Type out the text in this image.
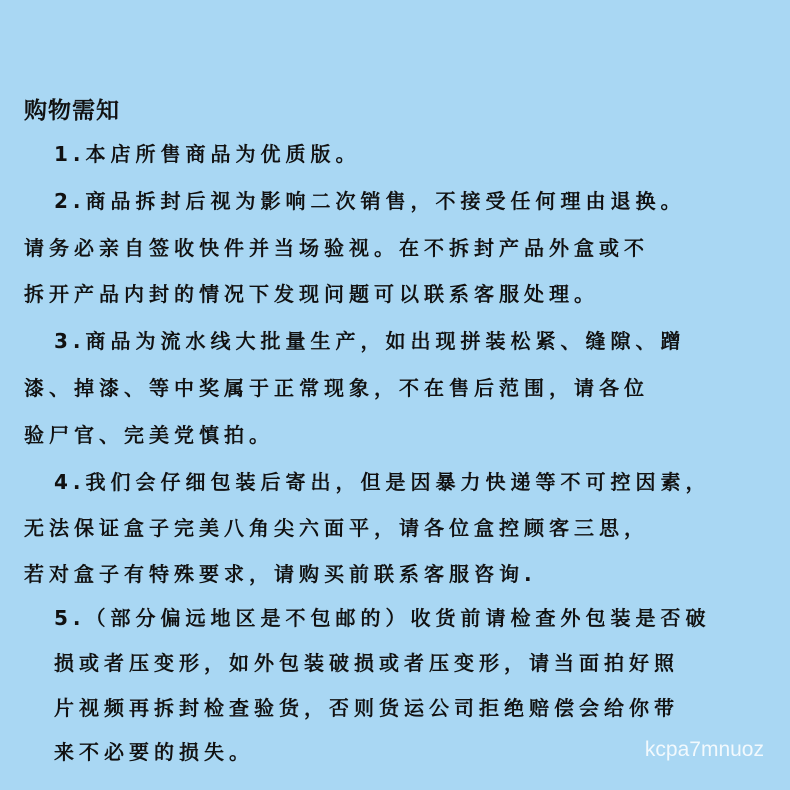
购物需知
1.本店所售商品为优质版。
2.商品拆封后视为影响二次销售，不接受任何理由退换。
请务必亲自签收快件并当场验视。在不拆封产品外盒或不
拆开产品内封的情况下发现问题可以联系客服处理。
3.商品为流水线大批量生产，如出现拼装松紧、缝隙、蹭
漆、掉漆、等中奖属于正常现象，不在售后范围，请各位
验尸官、完美党慎拍。
4.我们会仔细包装后寄出，但是因暴力快递等不可控因素，
无法保证盒子完美八角尖六面平，请各位盒控顾客三思，
若对盒子有特殊要求，请购买前联系客服咨询.
5.（部分偏远地区是不包邮的）收货前请检查外包装是否破
损或者压变形，如外包装破损或者压变形，请当面拍好照
片视频再拆封检查验货，否则货运公司拒绝赔偿会给你带
来不必要的损失。	kcpa7mnuoz
